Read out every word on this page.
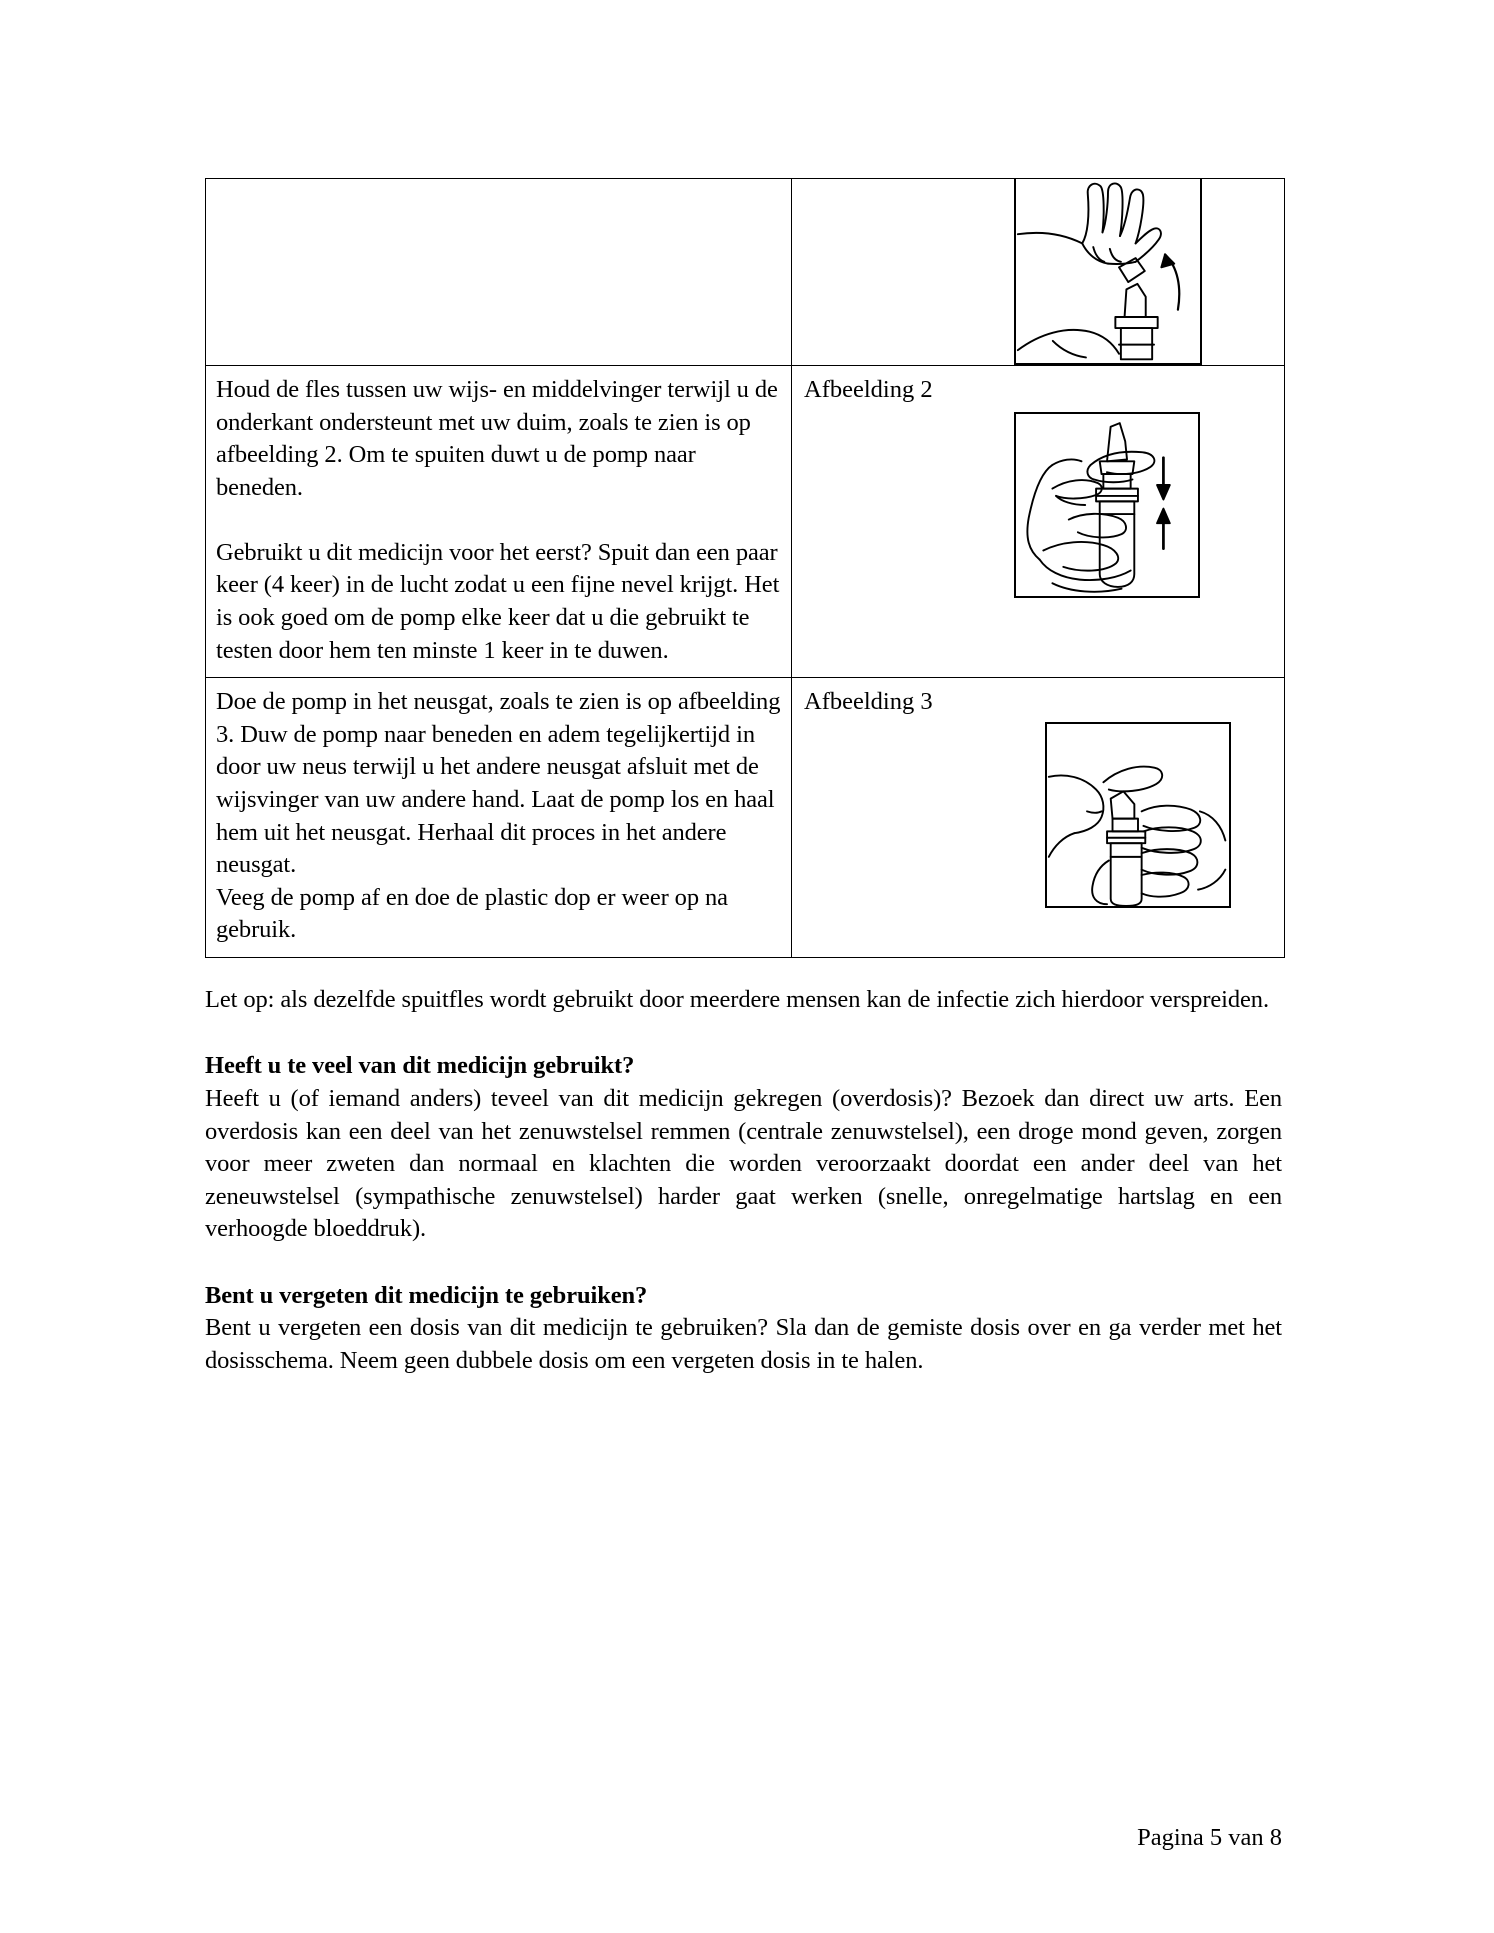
Houd de fles tussen uw wijs- en middelvinger terwijl u de onderkant ondersteunt met uw duim, zoals te zien is op afbeelding 2. Om te spuiten duwt u de pomp naar beneden.

Gebruikt u dit medicijn voor het eerst? Spuit dan een paar keer (4 keer) in de lucht zodat u een fijne nevel krijgt. Het is ook goed om de pomp elke keer dat u die gebruikt te testen door hem ten minste 1 keer in te duwen.	Afbeelding 2

Doe de pomp in het neusgat, zoals te zien is op afbeelding 3. Duw de pomp naar beneden en adem tegelijkertijd in door uw neus terwijl u het andere neusgat afsluit met de wijsvinger van uw andere hand. Laat de pomp los en haal hem uit het neusgat. Herhaal dit proces in het andere neusgat.

Veeg de pomp af en doe de plastic dop er weer op na gebruik.	Afbeelding 3

Let op: als dezelfde spuitfles wordt gebruikt door meerdere mensen kan de infectie zich hierdoor verspreiden.

Heeft u te veel van dit medicijn gebruikt?

Heeft u (of iemand anders) teveel van dit medicijn gekregen (overdosis)? Bezoek dan direct uw arts. Een overdosis kan een deel van het zenuwstelsel remmen (centrale zenuwstelsel), een droge mond geven, zorgen voor meer zweten dan normaal en klachten die worden veroorzaakt doordat een ander deel van het zeneuwstelsel (sympathische zenuwstelsel) harder gaat werken (snelle, onregelmatige hartslag en een verhoogde bloeddruk).

Bent u vergeten dit medicijn te gebruiken?

Bent u vergeten een dosis van dit medicijn te gebruiken? Sla dan de gemiste dosis over en ga verder met het dosisschema. Neem geen dubbele dosis om een vergeten dosis in te halen.

Pagina 5 van 8
